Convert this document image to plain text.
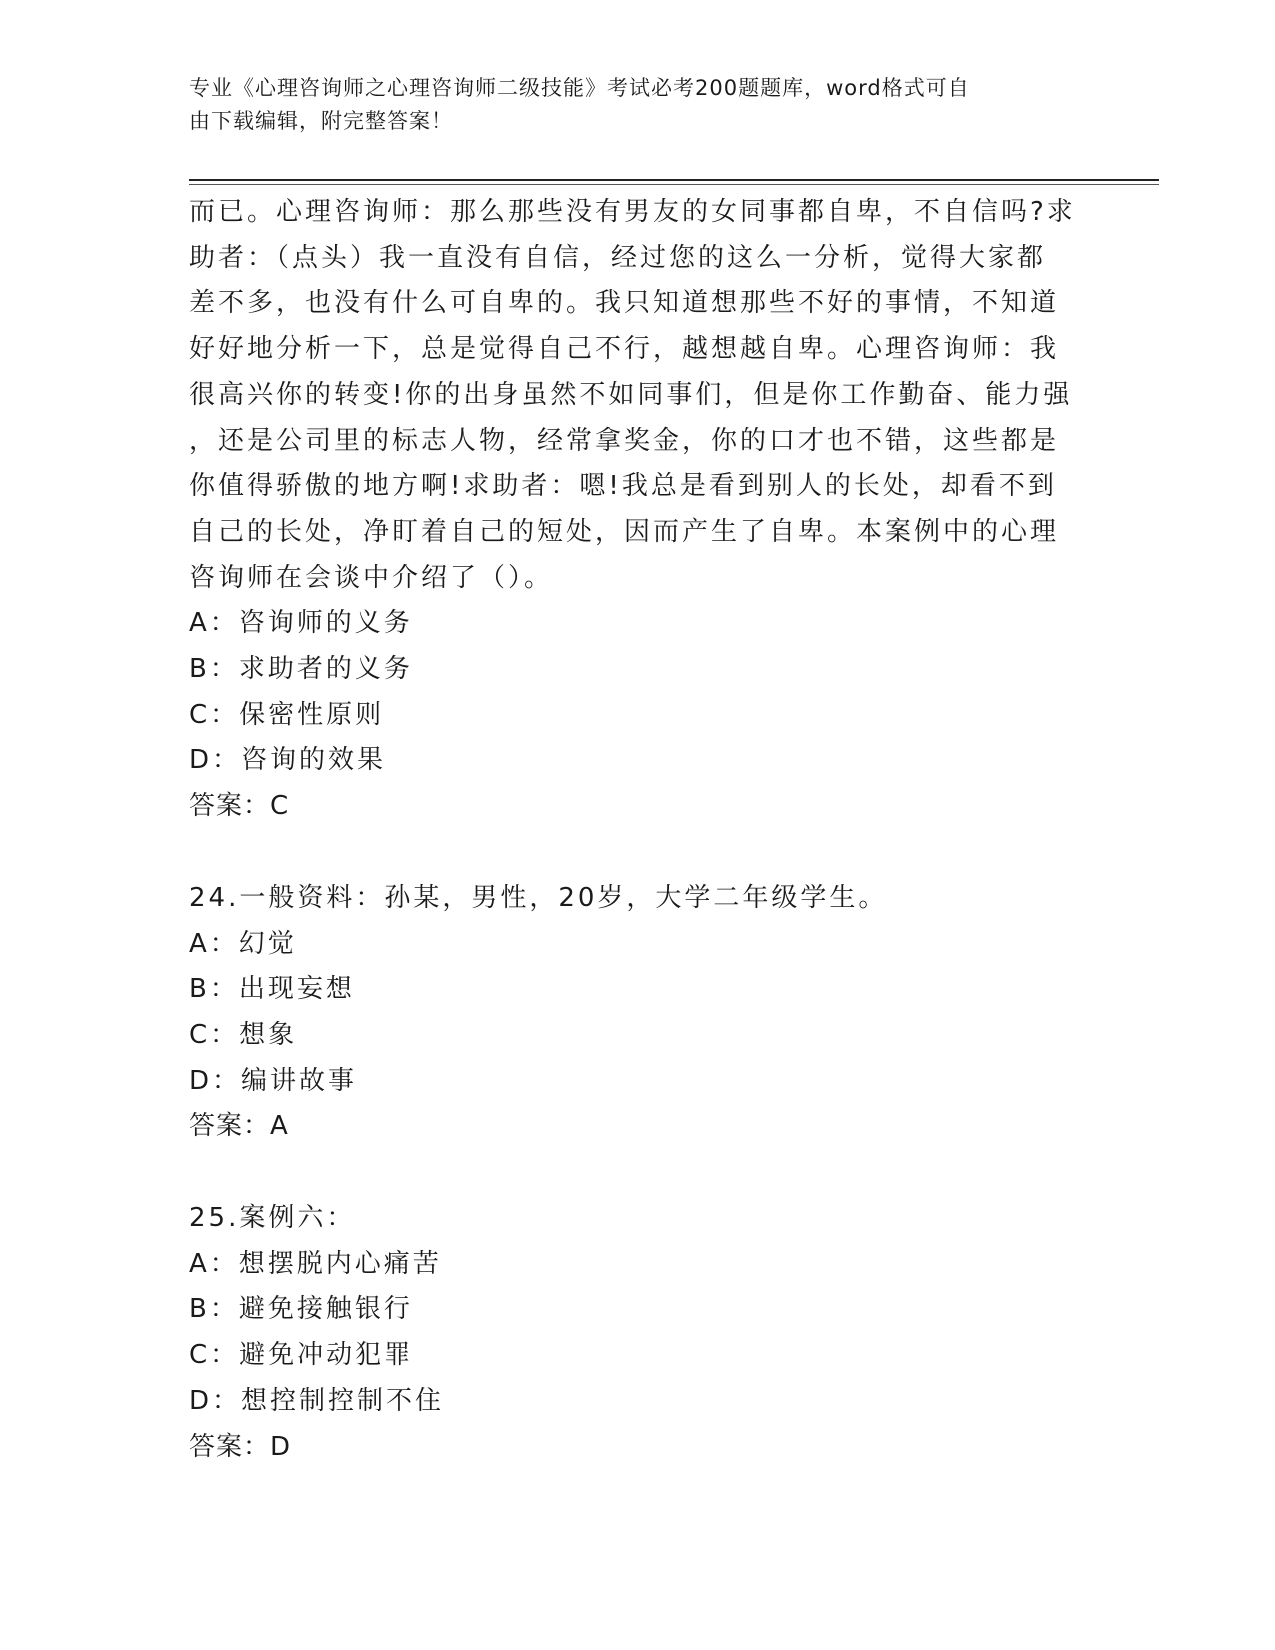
专业《心理咨询师之心理咨询师二级技能》考试必考200题题库，word格式可自
由下载编辑，附完整答案！
而已。心理咨询师：那么那些没有男友的女同事都自卑，不自信吗?求
助者：（点头）我一直没有自信，经过您的这么一分析，觉得大家都
差不多，也没有什么可自卑的。我只知道想那些不好的事情，不知道
好好地分析一下，总是觉得自己不行，越想越自卑。心理咨询师：我
很高兴你的转变!你的出身虽然不如同事们，但是你工作勤奋、能力强
，还是公司里的标志人物，经常拿奖金，你的口才也不错，这些都是
你值得骄傲的地方啊!求助者：嗯!我总是看到别人的长处，却看不到
自己的长处，净盯着自己的短处，因而产生了自卑。本案例中的心理
咨询师在会谈中介绍了（）。
A：咨询师的义务
B：求助者的义务
C：保密性原则
D：咨询的效果
答案：C
24.一般资料：孙某，男性，20岁，大学二年级学生。
A：幻觉
B：出现妄想
C：想象
D：编讲故事
答案：A
25.案例六：
A：想摆脱内心痛苦
B：避免接触银行
C：避免冲动犯罪
D：想控制控制不住
答案：D
